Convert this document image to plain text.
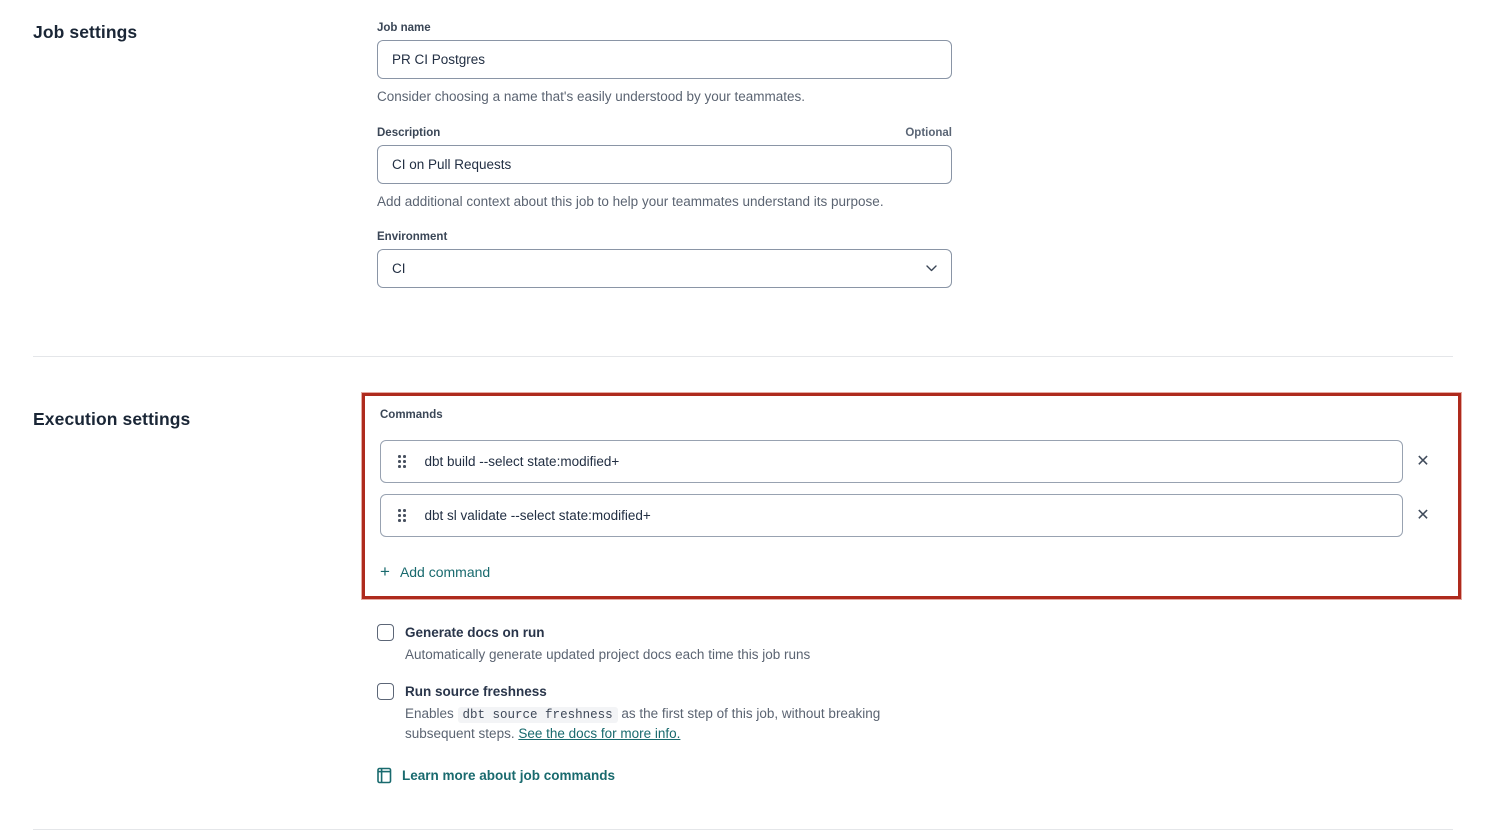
Job settings	Job name
PR CI Postgres
Consider choosing a name that's easily understood by your teammates.
Description	Optional
CI on Pull Requests
Add additional context about this job to help your teammates understand its purpose.
Environment
CI
Execution settings	Commands
dbt build --select state:modified+	✕
dbt sl validate --select state:modified+	✕
+ Add command
Generate docs on run
Automatically generate updated project docs each time this job runs
Run source freshness
Enables dbt source freshness as the first step of this job, without breaking subsequent steps. See the docs for more info.
Learn more about job commands
